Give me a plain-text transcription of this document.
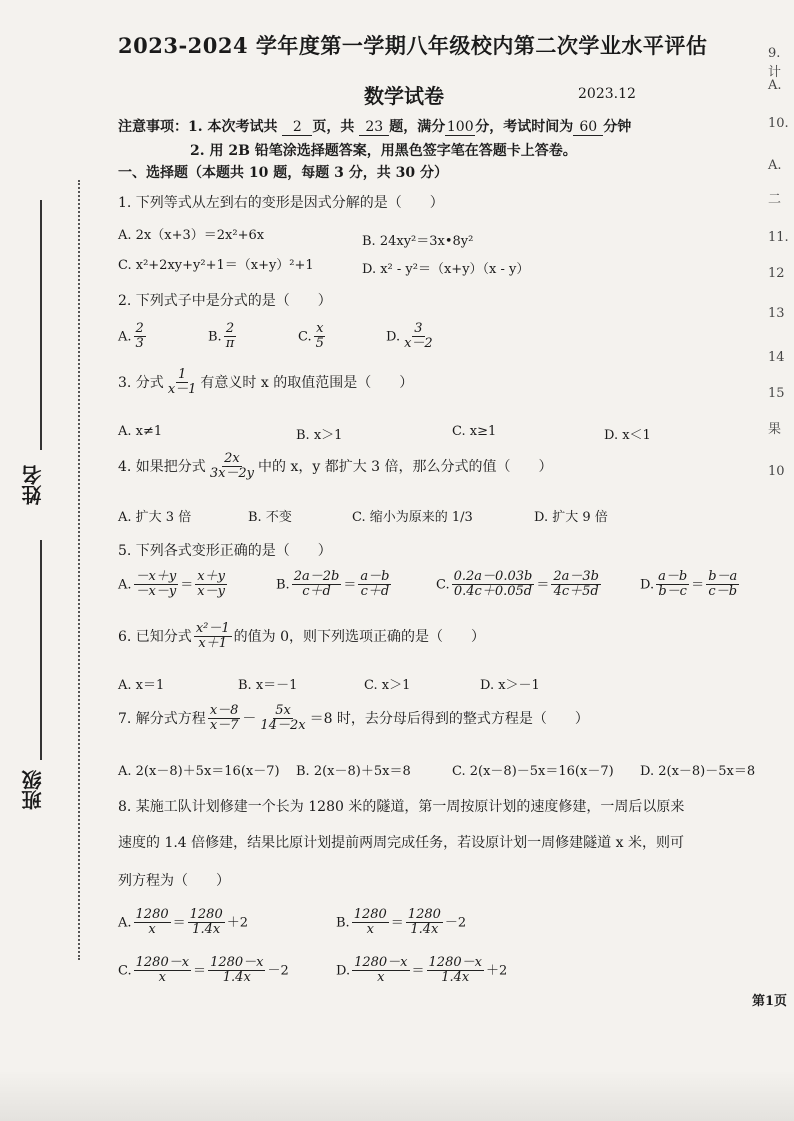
姓名
班级
2023-2024 学年度第一学期八年级校内第二次学业水平评估
数学试卷	2023.12
注意事项：1. 本次考试共 2 页，共 23 题，满分 100 分，考试时间为 60 分钟
2. 用 2B 铅笔涂选择题答案，用黑色签字笔在答题卡上答卷。
一、选择题（本题共 10 题，每题 3 分，共 30 分）
1. 下列等式从左到右的变形是因式分解的是（　　）
A. 2x（x+3）＝2x²+6x	B. 24xy²＝3x•8y²
C. x²+2xy+y²+1＝（x+y）²+1	D. x² - y²＝（x+y）（x - y）
2. 下列式子中是分式的是（　　）
A. $\frac{2}{3}$	B. $\frac{2}{\pi}$	C. $\frac{x}{5}$	D. $\frac{3}{x-2}$
3. 分式 $\frac{1}{x-1}$ 有意义时 x 的取值范围是（　　）
A. x≠1	B. x＞1	C. x≥1	D. x＜1
4. 如果把分式 $\frac{2x}{3x-2y}$ 中的 x，y 都扩大 3 倍，那么分式的值（　　）
A. 扩大 3 倍	B. 不变	C. 缩小为原来的 1/3	D. 扩大 9 倍
5. 下列各式变形正确的是（　　）
A. $\frac{-x+y}{-x-y} = \frac{x+y}{x-y}$	B. $\frac{2a-2b}{c+d} = \frac{a-b}{c+d}$	C. $\frac{0.2a-0.03b}{0.4c+0.05d} = \frac{2a-3b}{4c+5d}$	D. $\frac{a-b}{b-c} = \frac{b-a}{c-b}$
6. 已知分式 $\frac{\text{x²－1}}{x+1}$ 的值为 0，则下列选项正确的是（　　）
A. x＝1	B. x＝－1	C. x＞1	D. x＞－1
7. 解分式方程 $\frac{x-8}{x-7} - \frac{5x}{14-2x} =8$ 时，去分母后得到的整式方程是（　　）
A. 2(x－8)＋5x＝16(x－7) B. 2(x－8)＋5x＝8	C. 2(x－8)－5x＝16(x－7) D. 2(x－8)－5x＝8
8. 某施工队计划修建一个长为 1280 米的隧道，第一周按原计划的速度修建，一周后以原来
速度的 1.4 倍修建，结果比原计划提前两周完成任务，若设原计划一周修建隧道 x 米，则可
列方程为（　　）
A. $\frac{1280}{x} = \frac{1280}{1.4x} +2$	B. $\frac{1280}{x} = \frac{1280}{1.4x} -2$
C. $\frac{1280-x}{x} = \frac{1280-x}{1.4x} -2$	D. $\frac{1280-x}{x} = \frac{1280-x}{1.4x} +2$
9. 计
A.
10.
A.
二
11.
12
13
14
15
果
10
第1页
